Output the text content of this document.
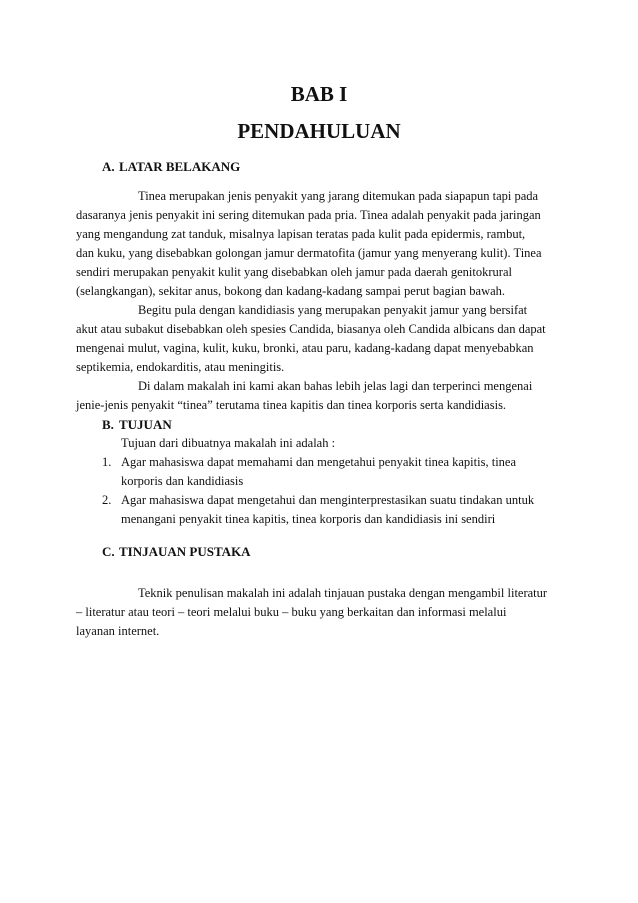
BAB I
PENDAHULUAN
A. LATAR BELAKANG
Tinea merupakan jenis penyakit yang jarang ditemukan pada siapapun tapi pada
dasaranya jenis penyakit ini sering ditemukan pada pria. Tinea adalah penyakit pada jaringan
yang mengandung zat tanduk, misalnya lapisan teratas pada kulit pada epidermis, rambut,
dan kuku, yang disebabkan golongan jamur dermatofita (jamur yang menyerang kulit). Tinea
sendiri merupakan penyakit kulit yang disebabkan oleh jamur pada daerah genitokrural
(selangkangan), sekitar anus, bokong dan kadang-kadang sampai perut bagian bawah.
Begitu pula dengan kandidiasis yang merupakan penyakit jamur yang bersifat
akut atau subakut disebabkan oleh spesies Candida, biasanya oleh Candida albicans dan dapat
mengenai mulut, vagina, kulit, kuku, bronki, atau paru, kadang-kadang dapat menyebabkan
septikemia, endokarditis, atau meningitis.
Di dalam makalah ini kami akan bahas lebih jelas lagi dan terperinci mengenai
jenie-jenis penyakit “tinea” terutama tinea kapitis dan tinea korporis serta kandidiasis.
B. TUJUAN
Tujuan dari dibuatnya makalah ini adalah :
1. Agar mahasiswa dapat memahami dan mengetahui penyakit tinea kapitis, tinea
korporis dan kandidiasis
2. Agar mahasiswa dapat mengetahui dan menginterprestasikan suatu tindakan untuk
menangani penyakit tinea kapitis, tinea korporis dan kandidiasis ini sendiri
C. TINJAUAN PUSTAKA
Teknik penulisan makalah ini adalah tinjauan pustaka dengan mengambil literatur
– literatur atau teori – teori melalui buku – buku yang berkaitan dan informasi melalui
layanan internet.
